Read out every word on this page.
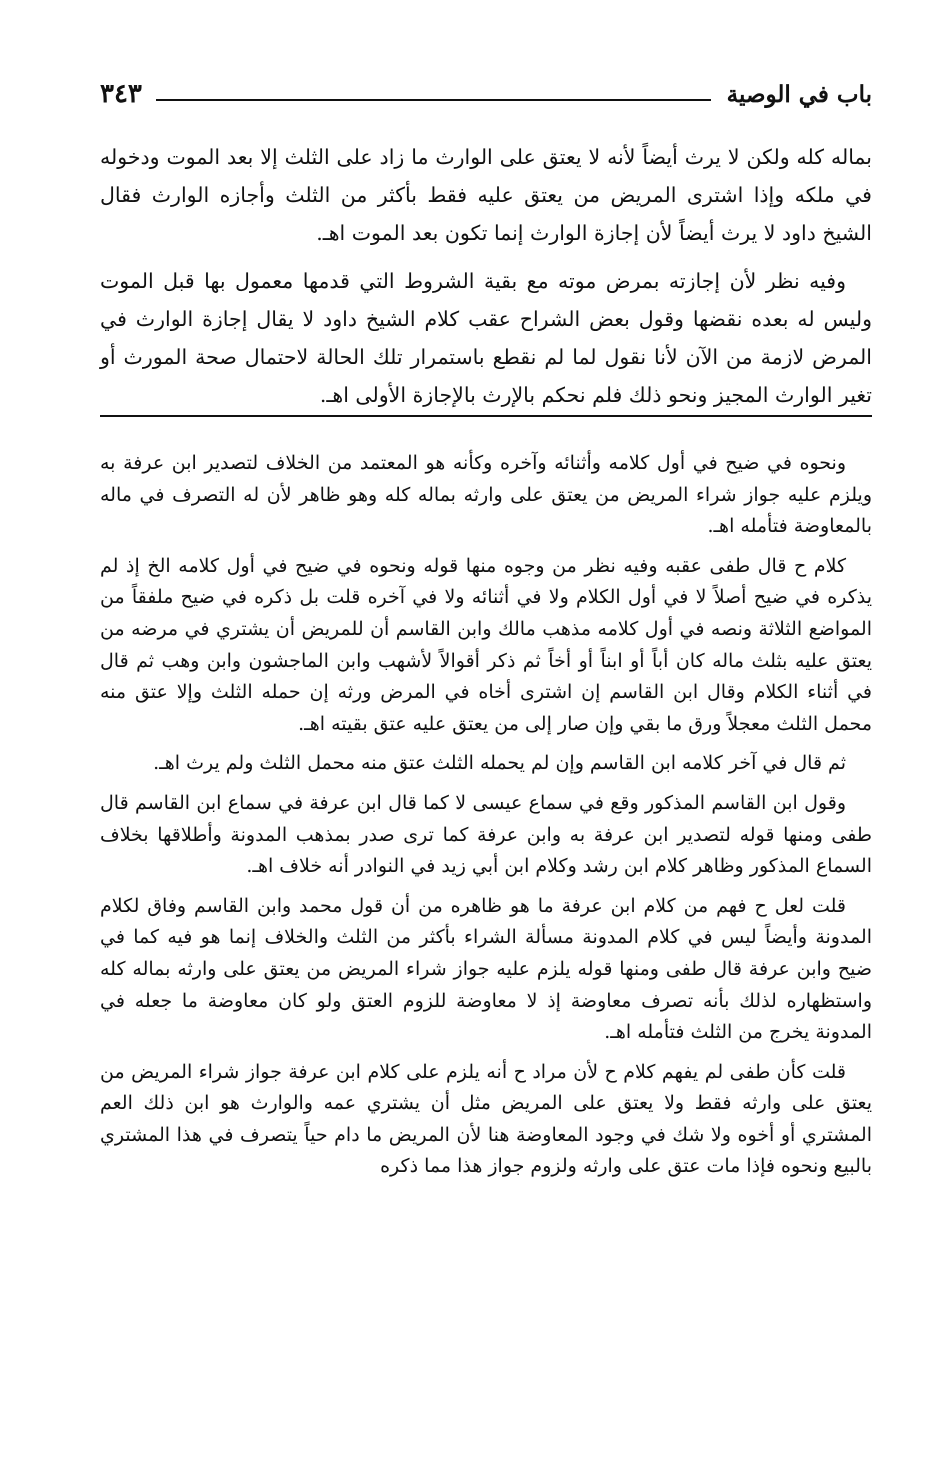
باب في الوصية
٣٤٣

بماله كله ولكن لا يرث أيضاً لأنه لا يعتق على الوارث ما زاد على الثلث إلا بعد الموت ودخوله في ملكه وإذا اشترى المريض من يعتق عليه فقط بأكثر من الثلث وأجازه الوارث فقال الشيخ داود لا يرث أيضاً لأن إجازة الوارث إنما تكون بعد الموت اهـ.

وفيه نظر لأن إجازته بمرض موته مع بقية الشروط التي قدمها معمول بها قبل الموت وليس له بعده نقضها وقول بعض الشراح عقب كلام الشيخ داود لا يقال إجازة الوارث في المرض لازمة من الآن لأنا نقول لما لم نقطع باستمرار تلك الحالة لاحتمال صحة المورث أو تغير الوارث المجيز ونحو ذلك فلم نحكم بالإرث بالإجازة الأولى اهـ.

ونحوه في ضيح في أول كلامه وأثنائه وآخره وكأنه هو المعتمد من الخلاف لتصدير ابن عرفة به ويلزم عليه جواز شراء المريض من يعتق على وارثه بماله كله وهو ظاهر لأن له التصرف في ماله بالمعاوضة فتأمله اهـ.

كلام ح قال طفى عقبه وفيه نظر من وجوه منها قوله ونحوه في ضيح في أول كلامه الخ إذ لم يذكره في ضيح أصلاً لا في أول الكلام ولا في أثنائه ولا في آخره قلت بل ذكره في ضيح ملفقاً من المواضع الثلاثة ونصه في أول كلامه مذهب مالك وابن القاسم أن للمريض أن يشتري في مرضه من يعتق عليه بثلث ماله كان أباً أو ابناً أو أخاً ثم ذكر أقوالاً لأشهب وابن الماجشون وابن وهب ثم قال في أثناء الكلام وقال ابن القاسم إن اشترى أخاه في المرض ورثه إن حمله الثلث وإلا عتق منه محمل الثلث معجلاً ورق ما بقي وإن صار إلى من يعتق عليه عتق بقيته اهـ.

ثم قال في آخر كلامه ابن القاسم وإن لم يحمله الثلث عتق منه محمل الثلث ولم يرث اهـ.

وقول ابن القاسم المذكور وقع في سماع عيسى لا كما قال ابن عرفة في سماع ابن القاسم قال طفى ومنها قوله لتصدير ابن عرفة به وابن عرفة كما ترى صدر بمذهب المدونة وأطلاقها بخلاف السماع المذكور وظاهر كلام ابن رشد وكلام ابن أبي زيد في النوادر أنه خلاف اهـ.

قلت لعل ح فهم من كلام ابن عرفة ما هو ظاهره من أن قول محمد وابن القاسم وفاق لكلام المدونة وأيضاً ليس في كلام المدونة مسألة الشراء بأكثر من الثلث والخلاف إنما هو فيه كما في ضيح وابن عرفة قال طفى ومنها قوله يلزم عليه جواز شراء المريض من يعتق على وارثه بماله كله واستظهاره لذلك بأنه تصرف معاوضة إذ لا معاوضة للزوم العتق ولو كان معاوضة ما جعله في المدونة يخرج من الثلث فتأمله اهـ.

قلت كأن طفى لم يفهم كلام ح لأن مراد ح أنه يلزم على كلام ابن عرفة جواز شراء المريض من يعتق على وارثه فقط ولا يعتق على المريض مثل أن يشتري عمه والوارث هو ابن ذلك العم المشتري أو أخوه ولا شك في وجود المعاوضة هنا لأن المريض ما دام حياً يتصرف في هذا المشتري بالبيع ونحوه فإذا مات عتق على وارثه ولزوم جواز هذا مما ذكره
